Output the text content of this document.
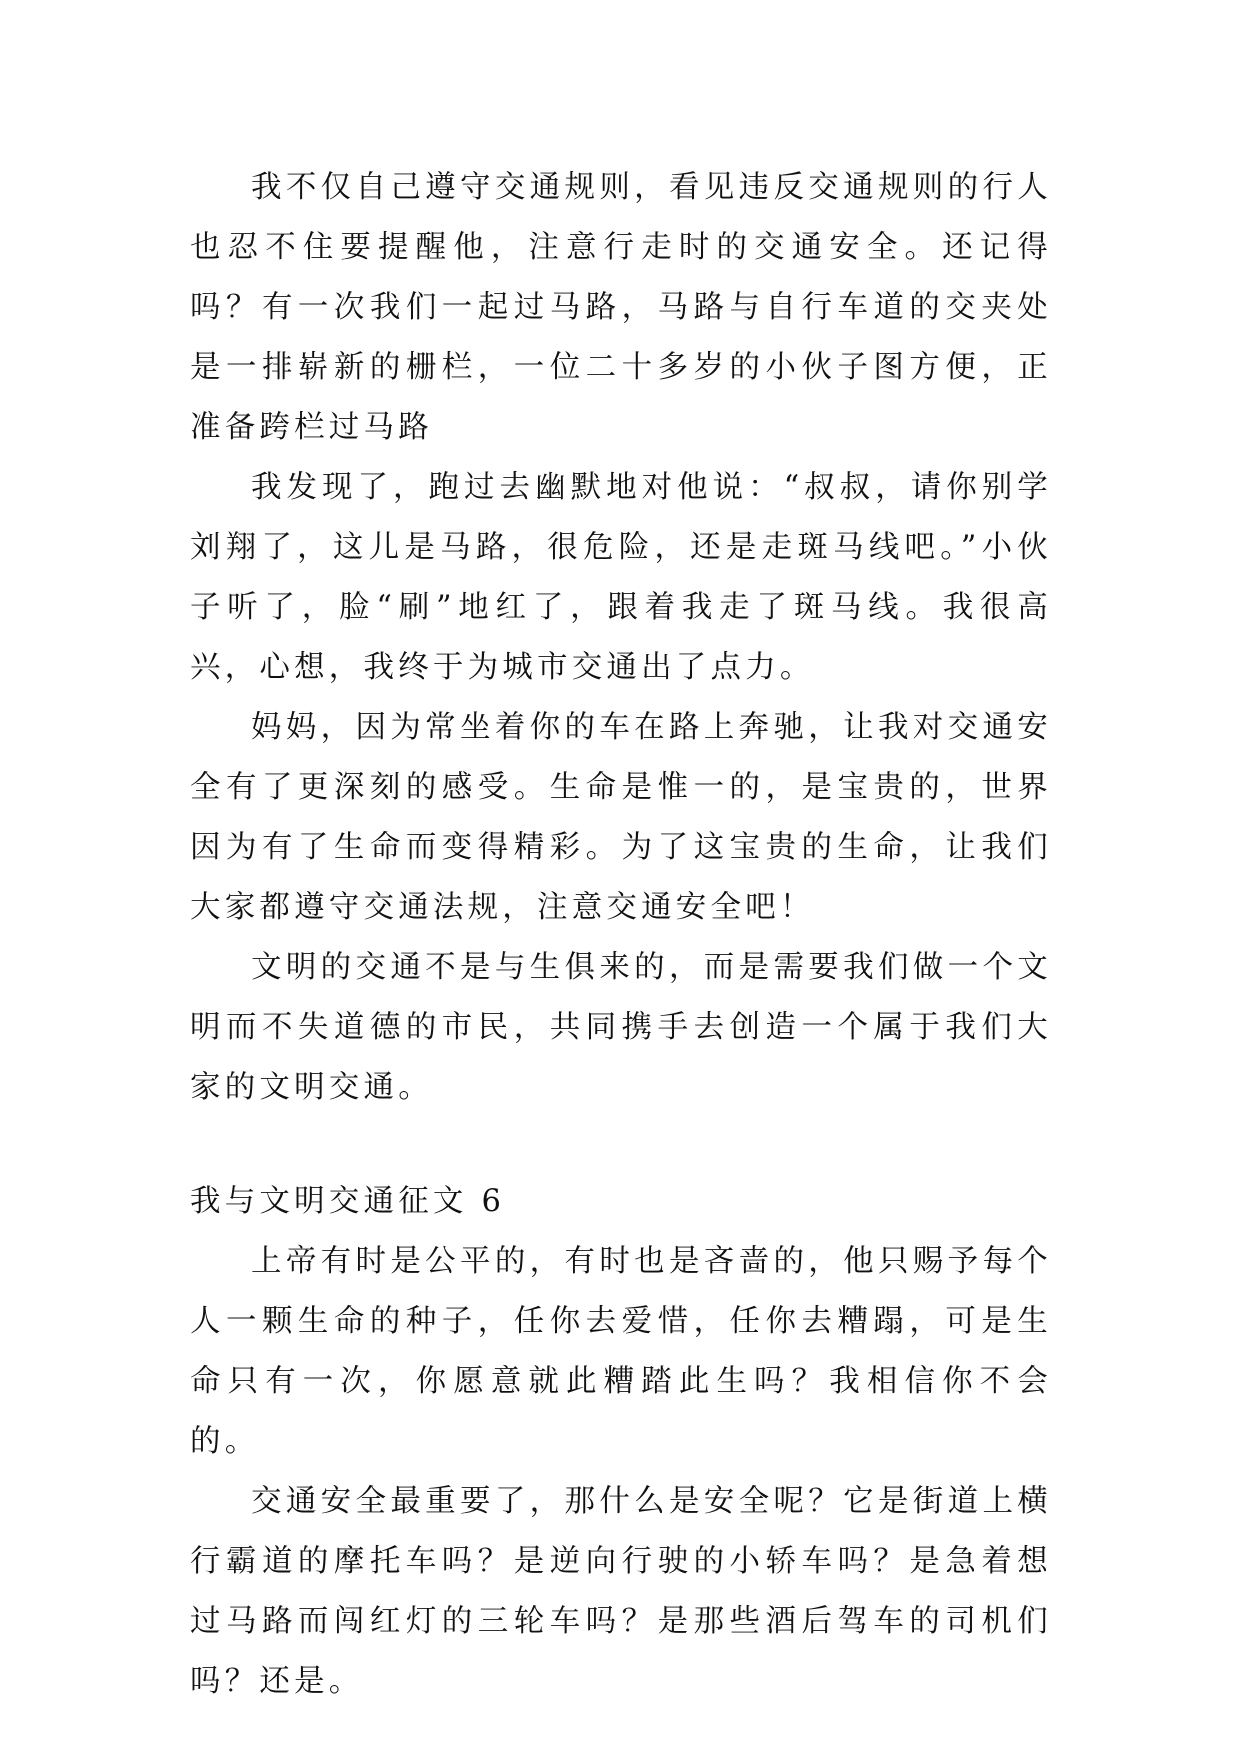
我不仅自己遵守交通规则，看见违反交通规则的行人也忍不住要提醒他，注意行走时的交通安全。还记得吗？有一次我们一起过马路，马路与自行车道的交夹处是一排崭新的栅栏，一位二十多岁的小伙子图方便，正准备跨栏过马路

我发现了，跑过去幽默地对他说：“叔叔，请你别学刘翔了，这儿是马路，很危险，还是走斑马线吧。”小伙子听了，脸“刷”地红了，跟着我走了斑马线。我很高兴，心想，我终于为城市交通出了点力。

妈妈，因为常坐着你的车在路上奔驰，让我对交通安全有了更深刻的感受。生命是惟一的，是宝贵的，世界因为有了生命而变得精彩。为了这宝贵的生命，让我们大家都遵守交通法规，注意交通安全吧！

文明的交通不是与生俱来的，而是需要我们做一个文明而不失道德的市民，共同携手去创造一个属于我们大家的文明交通。

我与文明交通征文 6

上帝有时是公平的，有时也是吝啬的，他只赐予每个人一颗生命的种子，任你去爱惜，任你去糟蹋，可是生命只有一次，你愿意就此糟踏此生吗？我相信你不会的。

交通安全最重要了，那什么是安全呢？它是街道上横行霸道的摩托车吗？是逆向行驶的小轿车吗？是急着想过马路而闯红灯的三轮车吗？是那些酒后驾车的司机们吗？还是。
